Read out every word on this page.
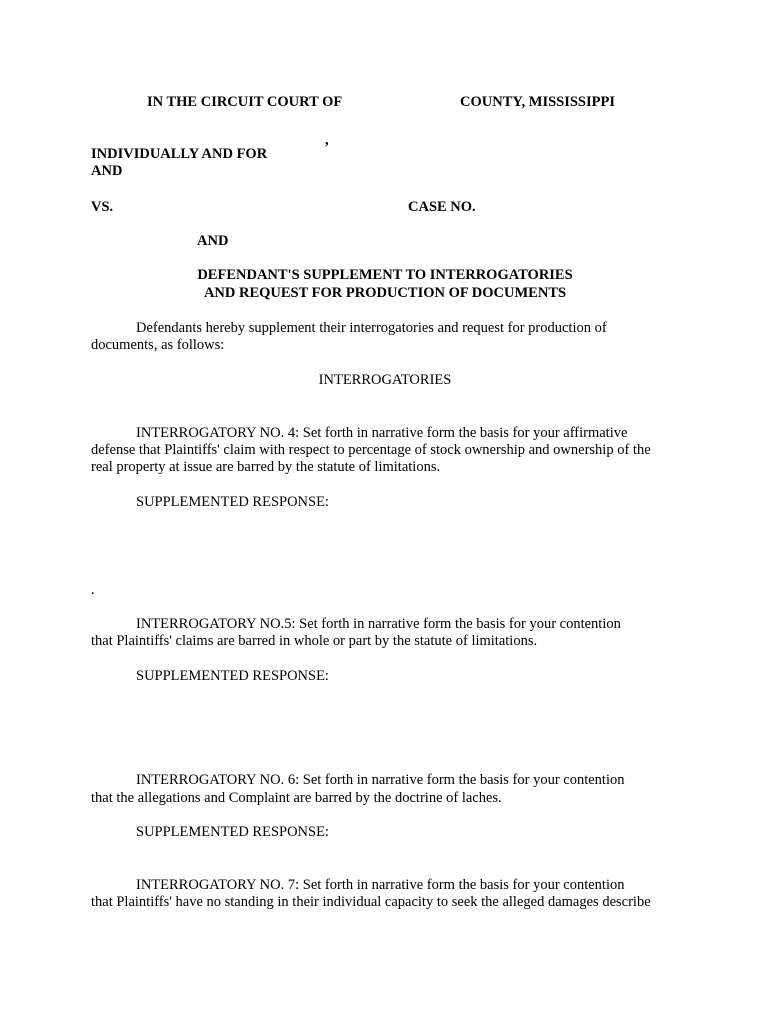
IN THE CIRCUIT COURT OF	COUNTY, MISSISSIPPI
,
INDIVIDUALLY AND FOR
AND
VS.	CASE NO.
AND
DEFENDANT'S SUPPLEMENT TO INTERROGATORIES
AND REQUEST FOR PRODUCTION OF DOCUMENTS
Defendants hereby supplement their interrogatories and request for production of
documents, as follows:
INTERROGATORIES
INTERROGATORY NO. 4: Set forth in narrative form the basis for your affirmative
defense that Plaintiffs' claim with respect to percentage of stock ownership and ownership of the
real property at issue are barred by the statute of limitations.
SUPPLEMENTED RESPONSE:
.
INTERROGATORY NO.5: Set forth in narrative form the basis for your contention
that Plaintiffs' claims are barred in whole or part by the statute of limitations.
SUPPLEMENTED RESPONSE:
INTERROGATORY NO. 6: Set forth in narrative form the basis for your contention
that the allegations and Complaint are barred by the doctrine of laches.
SUPPLEMENTED RESPONSE:
INTERROGATORY NO. 7: Set forth in narrative form the basis for your contention
that Plaintiffs' have no standing in their individual capacity to seek the alleged damages describe
